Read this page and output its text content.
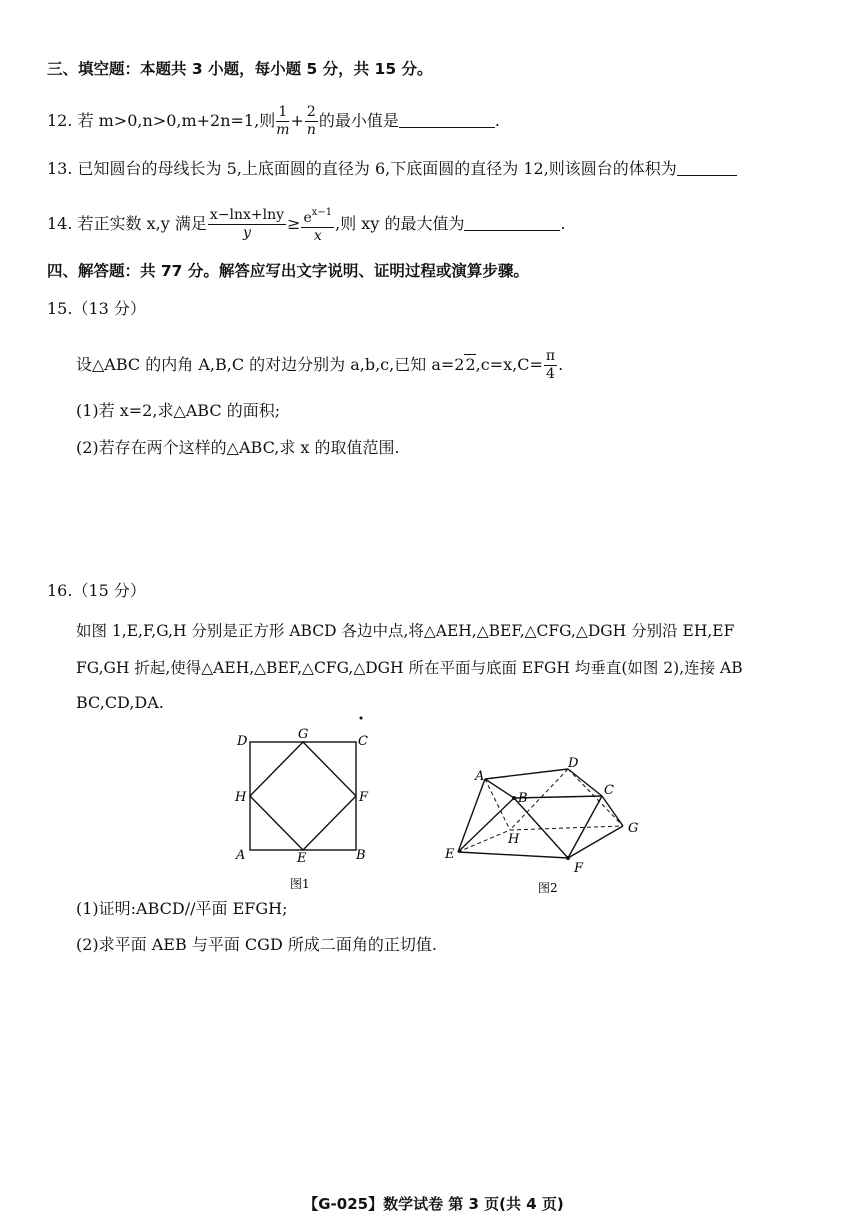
三、填空题：本题共 3 小题，每小题 5 分，共 15 分。
12. 若 m>0,n>0,m+2n=1,则 $\frac{1}{m} + \frac{2}{n}$ 的最小值是	.
13. 已知圆台的母线长为 5,上底面圆的直径为 6,下底面圆的直径为 12,则该圆台的体积为
14. 若正实数 x,y 满足 $\frac{x-\ln x+\ln y}{y} \ge \frac{e^{x-1}}{x}$ ,则 xy 的最大值为	.
四、解答题：共 77 分。解答应写出文字说明、证明过程或演算步骤。
15.（13 分）
设△ABC 的内角 A,B,C 的对边分别为 a,b,c,已知 $a=22,c=x,C= \frac{\pi}{4}$ .
(1)若 x=2,求△ABC 的面积;
(2)若存在两个这样的△ABC,求 x 的取值范围.
16.（15 分）
如图 1,E,F,G,H 分别是正方形 ABCD 各边中点,将△AEH,△BEF,△CFG,△DGH 分别沿 EH,EF
FG,GH 折起,使得△AEH,△BEF,△CFG,△DGH 所在平面与底面 EFGH 均垂直(如图 2),连接 AB
BC,CD,DA.
D	G	C
H	F
A	E	B
图1
A
B
D
C
G
H
E
F
图2
(1)证明:ABCD//平面 EFGH;
(2)求平面 AEB 与平面 CGD 所成二面角的正切值.
【G-025】数学试卷 第 3 页(共 4 页)
